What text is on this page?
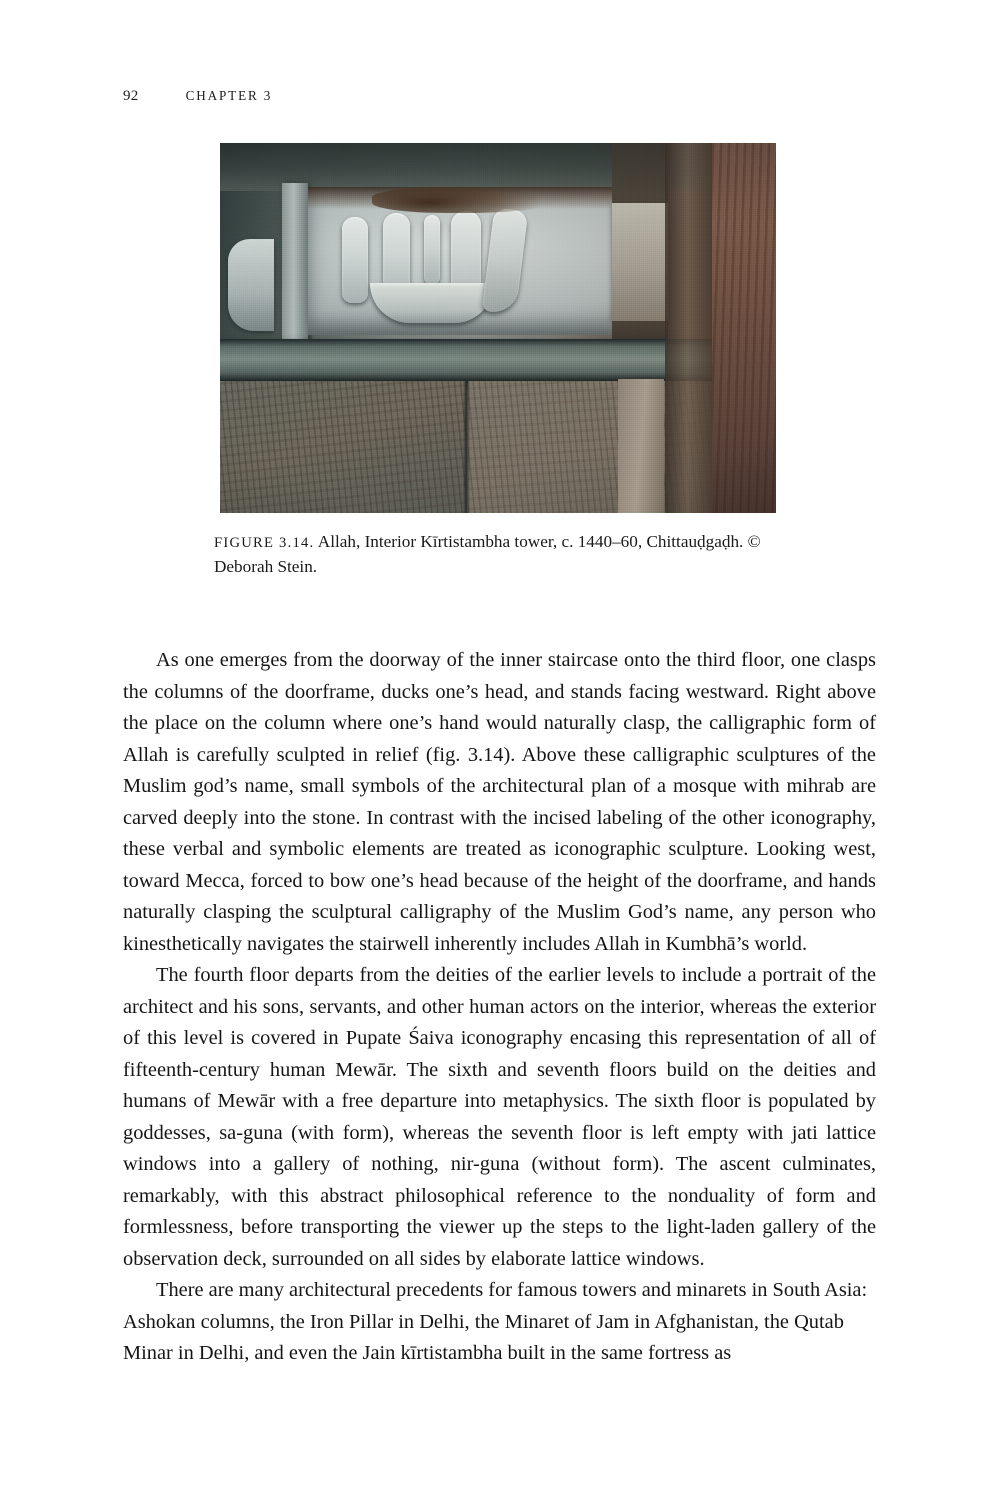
92	CHAPTER 3
FIGURE 3.14. Allah, Interior Kīrtistambha tower, c. 1440–60, Chittauḍgaḍh. © Deborah Stein.

As one emerges from the doorway of the inner staircase onto the third floor, one clasps the columns of the doorframe, ducks one’s head, and stands facing westward. Right above the place on the column where one’s hand would naturally clasp, the calligraphic form of Allah is carefully sculpted in relief (fig. 3.14). Above these calligraphic sculptures of the Muslim god’s name, small symbols of the architectural plan of a mosque with mihrab are carved deeply into the stone. In contrast with the incised labeling of the other iconography, these verbal and symbolic elements are treated as iconographic sculpture. Looking west, toward Mecca, forced to bow one’s head because of the height of the doorframe, and hands naturally clasping the sculptural calligraphy of the Muslim God’s name, any person who kinesthetically navigates the stairwell inherently includes Allah in Kumbhā’s world.

The fourth floor departs from the deities of the earlier levels to include a portrait of the architect and his sons, servants, and other human actors on the interior, whereas the exterior of this level is covered in Pupate Śaiva iconography encasing this representation of all of fifteenth-century human Mewār. The sixth and seventh floors build on the deities and humans of Mewār with a free departure into metaphysics. The sixth floor is populated by goddesses, sa-guna (with form), whereas the seventh floor is left empty with jati lattice windows into a gallery of nothing, nir-guna (without form). The ascent culminates, remarkably, with this abstract philosophical reference to the nonduality of form and formlessness, before transporting the viewer up the steps to the light-laden gallery of the observation deck, surrounded on all sides by elaborate lattice windows.

There are many architectural precedents for famous towers and minarets in South Asia: Ashokan columns, the Iron Pillar in Delhi, the Minaret of Jam in Afghanistan, the Qutab Minar in Delhi, and even the Jain kīrtistambha built in the same fortress as
